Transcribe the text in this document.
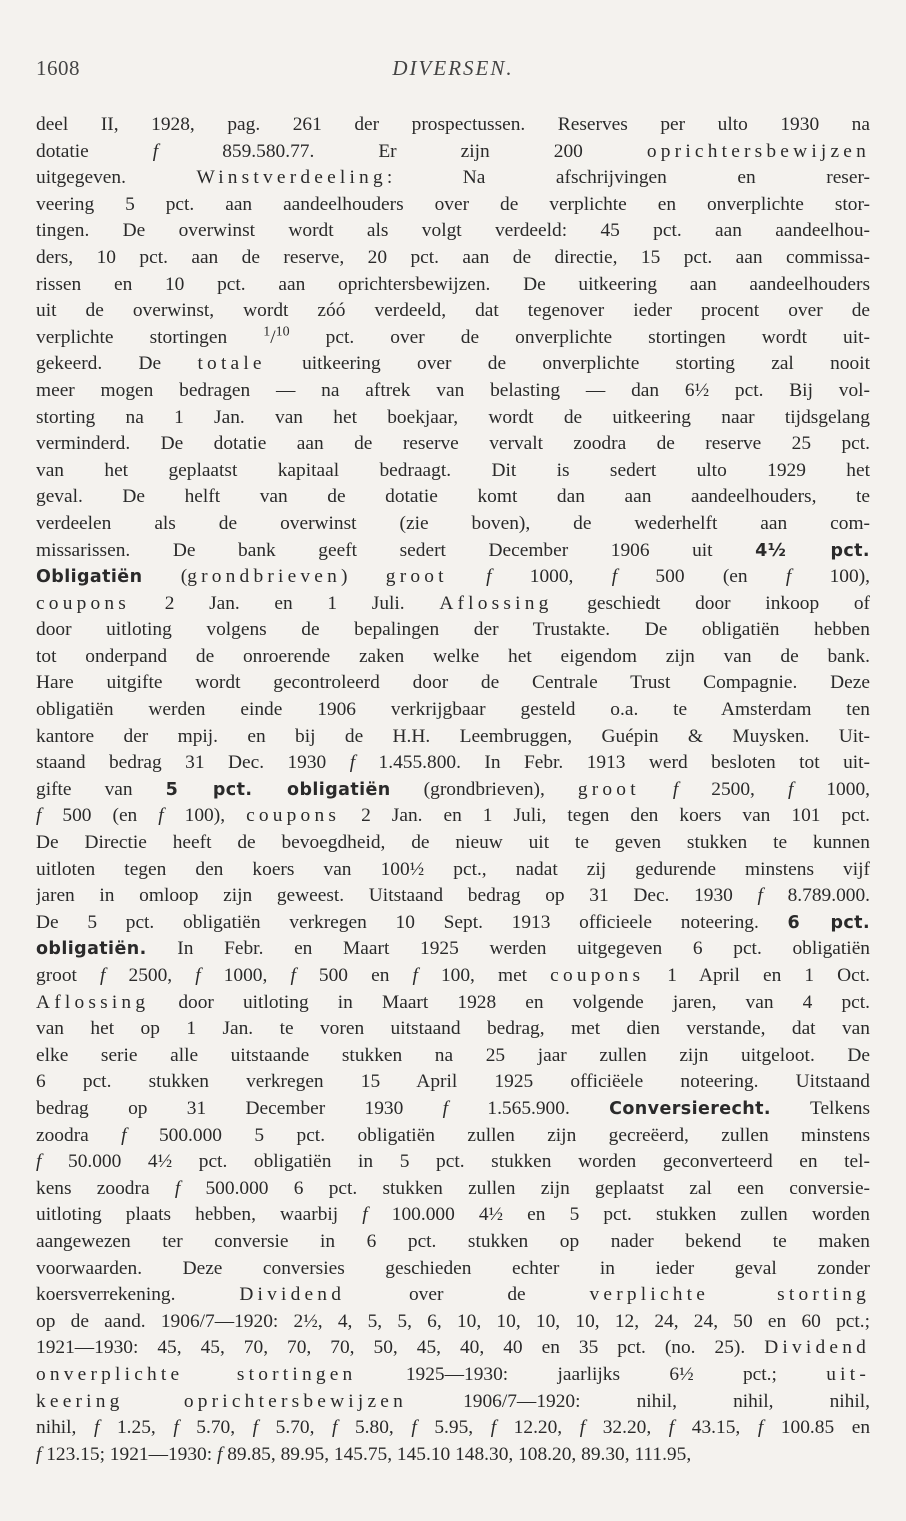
1608	DIVERSEN.
deel II, 1928, pag. 261 der prospectussen. Reserves per ulto 1930 na
dotatie f 859.580.77. Er zijn 200 oprichtersbewijzen
uitgegeven. Winstverdeeling: Na afschrijvingen en reser-
veering 5 pct. aan aandeelhouders over de verplichte en onverplichte stor-
tingen. De overwinst wordt als volgt verdeeld: 45 pct. aan aandeelhou-
ders, 10 pct. aan de reserve, 20 pct. aan de directie, 15 pct. aan commissa-
rissen en 10 pct. aan oprichtersbewijzen. De uitkeering aan aandeelhouders
uit de overwinst, wordt zóó verdeeld, dat tegenover ieder procent over de
verplichte stortingen $^1$/$^{10}$ pct. over de onverplichte stortingen wordt uit-
gekeerd. De totale uitkeering over de onverplichte storting zal nooit
meer mogen bedragen — na aftrek van belasting — dan 6½ pct. Bij vol-
storting na 1 Jan. van het boekjaar, wordt de uitkeering naar tijdsgelang
verminderd. De dotatie aan de reserve vervalt zoodra de reserve 25 pct.
van het geplaatst kapitaal bedraagt. Dit is sedert ulto 1929 het
geval. De helft van de dotatie komt dan aan aandeelhouders, te
verdeelen als de overwinst (zie boven), de wederhelft aan com-
missarissen. De bank geeft sedert December 1906 uit 4½ pct.
Obligatiën (grondbrieven) groot f 1000, f 500 (en f 100),
coupons 2 Jan. en 1 Juli. Aflossing geschiedt door inkoop of
door uitloting volgens de bepalingen der Trustakte. De obligatiën hebben
tot onderpand de onroerende zaken welke het eigendom zijn van de bank.
Hare uitgifte wordt gecontroleerd door de Centrale Trust Compagnie. Deze
obligatiën werden einde 1906 verkrijgbaar gesteld o.a. te Amsterdam ten
kantore der mpij. en bij de H.H. Leembruggen, Guépin & Muysken. Uit-
staand bedrag 31 Dec. 1930 f 1.455.800. In Febr. 1913 werd besloten tot uit-
gifte van 5 pct. obligatiën (grondbrieven), groot f 2500, f 1000,
f 500 (en f 100), coupons 2 Jan. en 1 Juli, tegen den koers van 101 pct.
De Directie heeft de bevoegdheid, de nieuw uit te geven stukken te kunnen
uitloten tegen den koers van 100½ pct., nadat zij gedurende minstens vijf
jaren in omloop zijn geweest. Uitstaand bedrag op 31 Dec. 1930 f 8.789.000.
De 5 pct. obligatiën verkregen 10 Sept. 1913 officieele noteering. 6 pct.
obligatiën. In Febr. en Maart 1925 werden uitgegeven 6 pct. obligatiën
groot f 2500, f 1000, f 500 en f 100, met coupons 1 April en 1 Oct.
Aflossing door uitloting in Maart 1928 en volgende jaren, van 4 pct.
van het op 1 Jan. te voren uitstaand bedrag, met dien verstande, dat van
elke serie alle uitstaande stukken na 25 jaar zullen zijn uitgeloot. De
6 pct. stukken verkregen 15 April 1925 officiëele noteering. Uitstaand
bedrag op 31 December 1930 f 1.565.900. Conversierecht. Telkens
zoodra f 500.000 5 pct. obligatiën zullen zijn gecreëerd, zullen minstens
f 50.000 4½ pct. obligatiën in 5 pct. stukken worden geconverteerd en tel-
kens zoodra f 500.000 6 pct. stukken zullen zijn geplaatst zal een conversie-
uitloting plaats hebben, waarbij f 100.000 4½ en 5 pct. stukken zullen worden
aangewezen ter conversie in 6 pct. stukken op nader bekend te maken
voorwaarden. Deze conversies geschieden echter in ieder geval zonder
koersverrekening. Dividend over de verplichte storting
op de aand. 1906/7—1920: 2½, 4, 5, 5, 6, 10, 10, 10, 10, 12, 24, 24, 50 en 60 pct.;
1921—1930: 45, 45, 70, 70, 70, 50, 45, 40, 40 en 35 pct. (no. 25). Dividend
onverplichte stortingen 1925—1930: jaarlijks 6½ pct.; uit-
keering oprichtersbewijzen 1906/7—1920: nihil, nihil, nihil,
nihil, f 1.25, f 5.70, f 5.70, f 5.80, f 5.95, f 12.20, f 32.20, f 43.15, f 100.85 en
f 123.15; 1921—1930: f 89.85, 89.95, 145.75, 145.10 148.30, 108.20, 89.30, 111.95,
